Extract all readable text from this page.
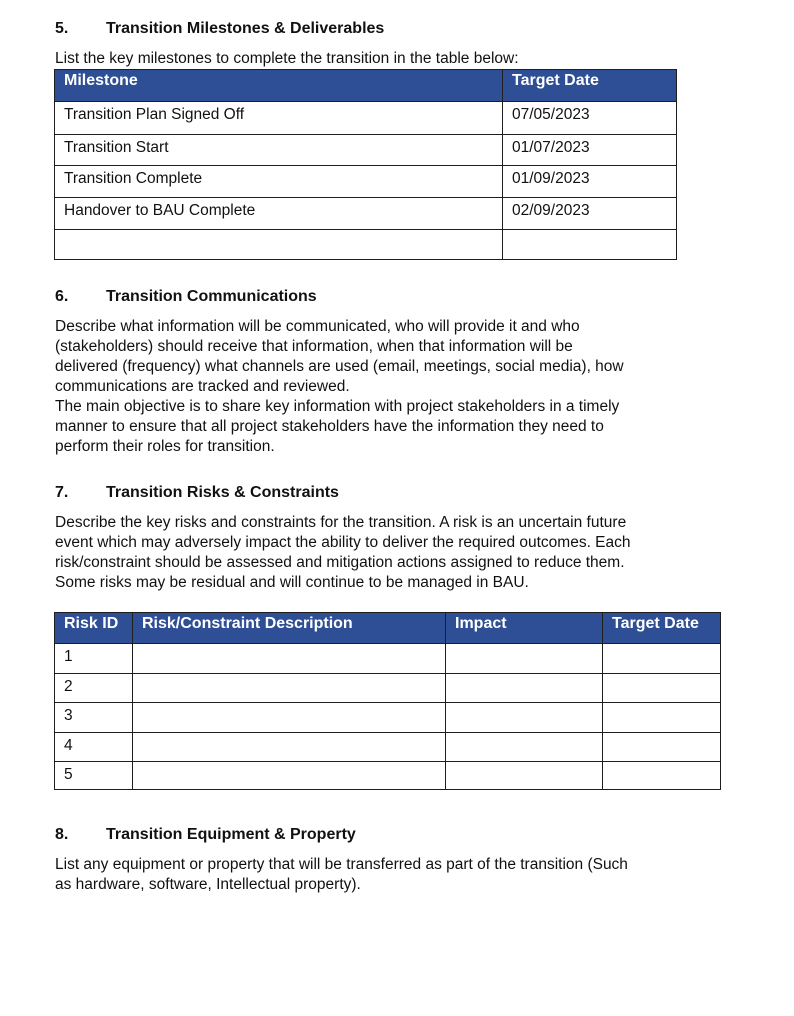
5. Transition Milestones & Deliverables

List the key milestones to complete the transition in the table below:

Milestone	Target Date
Transition Plan Signed Off	07/05/2023
Transition Start	01/07/2023
Transition Complete	01/09/2023
Handover to BAU Complete	02/09/2023

6. Transition Communications

Describe what information will be communicated, who will provide it and who

(stakeholders) should receive that information, when that information will be

delivered (frequency) what channels are used (email, meetings, social media), how

communications are tracked and reviewed.

The main objective is to share key information with project stakeholders in a timely

manner to ensure that all project stakeholders have the information they need to

perform their roles for transition.

7. Transition Risks & Constraints

Describe the key risks and constraints for the transition. A risk is an uncertain future

event which may adversely impact the ability to deliver the required outcomes. Each

risk/constraint should be assessed and mitigation actions assigned to reduce them.

Some risks may be residual and will continue to be managed in BAU.

Risk ID	Risk/Constraint Description	Impact	Target Date
1			
2			
3			
4			
5			
8. Transition Equipment & Property

List any equipment or property that will be transferred as part of the transition (Such

as hardware, software, Intellectual property).
